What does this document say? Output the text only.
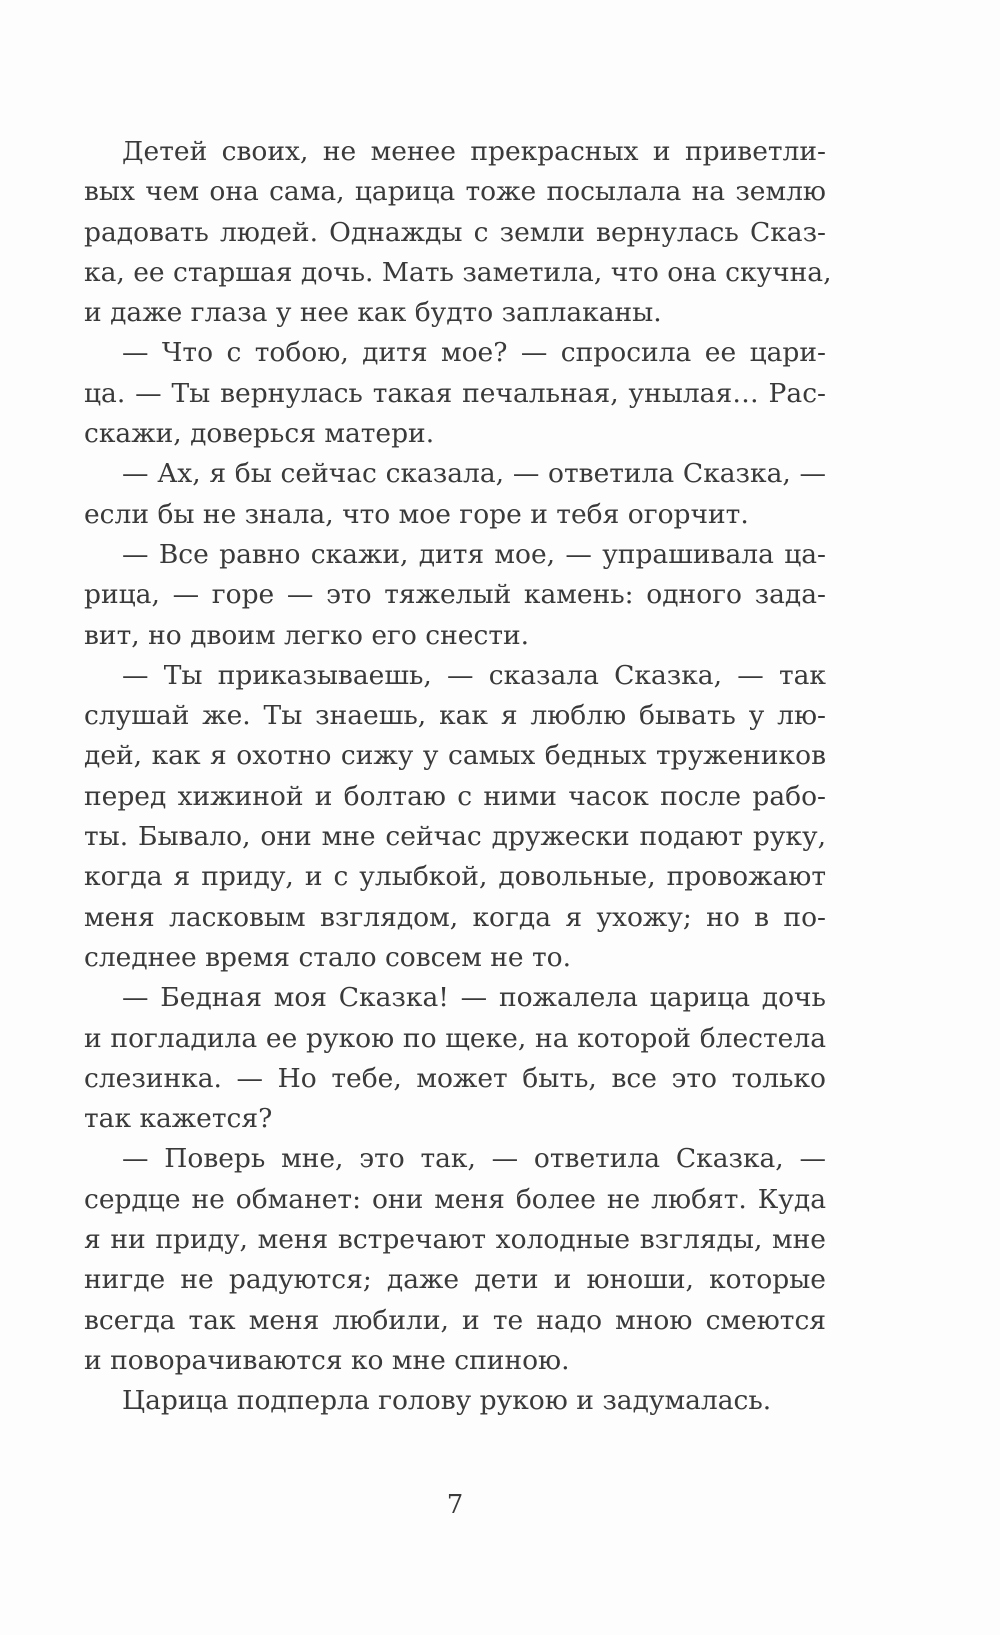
Детей своих, не менее прекрасных и приветли-
вых чем она сама, царица тоже посылала на землю
радовать людей. Однажды с земли вернулась Сказ-
ка, ее старшая дочь. Мать заметила, что она скучна,
и даже глаза у нее как будто заплаканы.
— Что с тобою, дитя мое? — спросила ее цари-
ца. — Ты вернулась такая печальная, унылая… Рас-
скажи, доверься матери.
— Ах, я бы сейчас сказала, — ответила Сказка, —
если бы не знала, что мое горе и тебя огорчит.
— Все равно скажи, дитя мое, — упрашивала ца-
рица, — горе — это тяжелый камень: одного зада-
вит, но двоим легко его снести.
— Ты приказываешь, — сказала Сказка, — так
слушай же. Ты знаешь, как я люблю бывать у лю-
дей, как я охотно сижу у самых бедных тружеников
перед хижиной и болтаю с ними часок после рабо-
ты. Бывало, они мне сейчас дружески подают руку,
когда я приду, и с улыбкой, довольные, провожают
меня ласковым взглядом, когда я ухожу; но в по-
следнее время стало совсем не то.
— Бедная моя Сказка! — пожалела царица дочь
и погладила ее рукою по щеке, на которой блестела
слезинка. — Но тебе, может быть, все это только
так кажется?
— Поверь мне, это так, — ответила Сказка, —
сердце не обманет: они меня более не любят. Куда
я ни приду, меня встречают холодные взгляды, мне
нигде не радуются; даже дети и юноши, которые
всегда так меня любили, и те надо мною смеются
и поворачиваются ко мне спиною.
Царица подперла голову рукою и задумалась.
7
